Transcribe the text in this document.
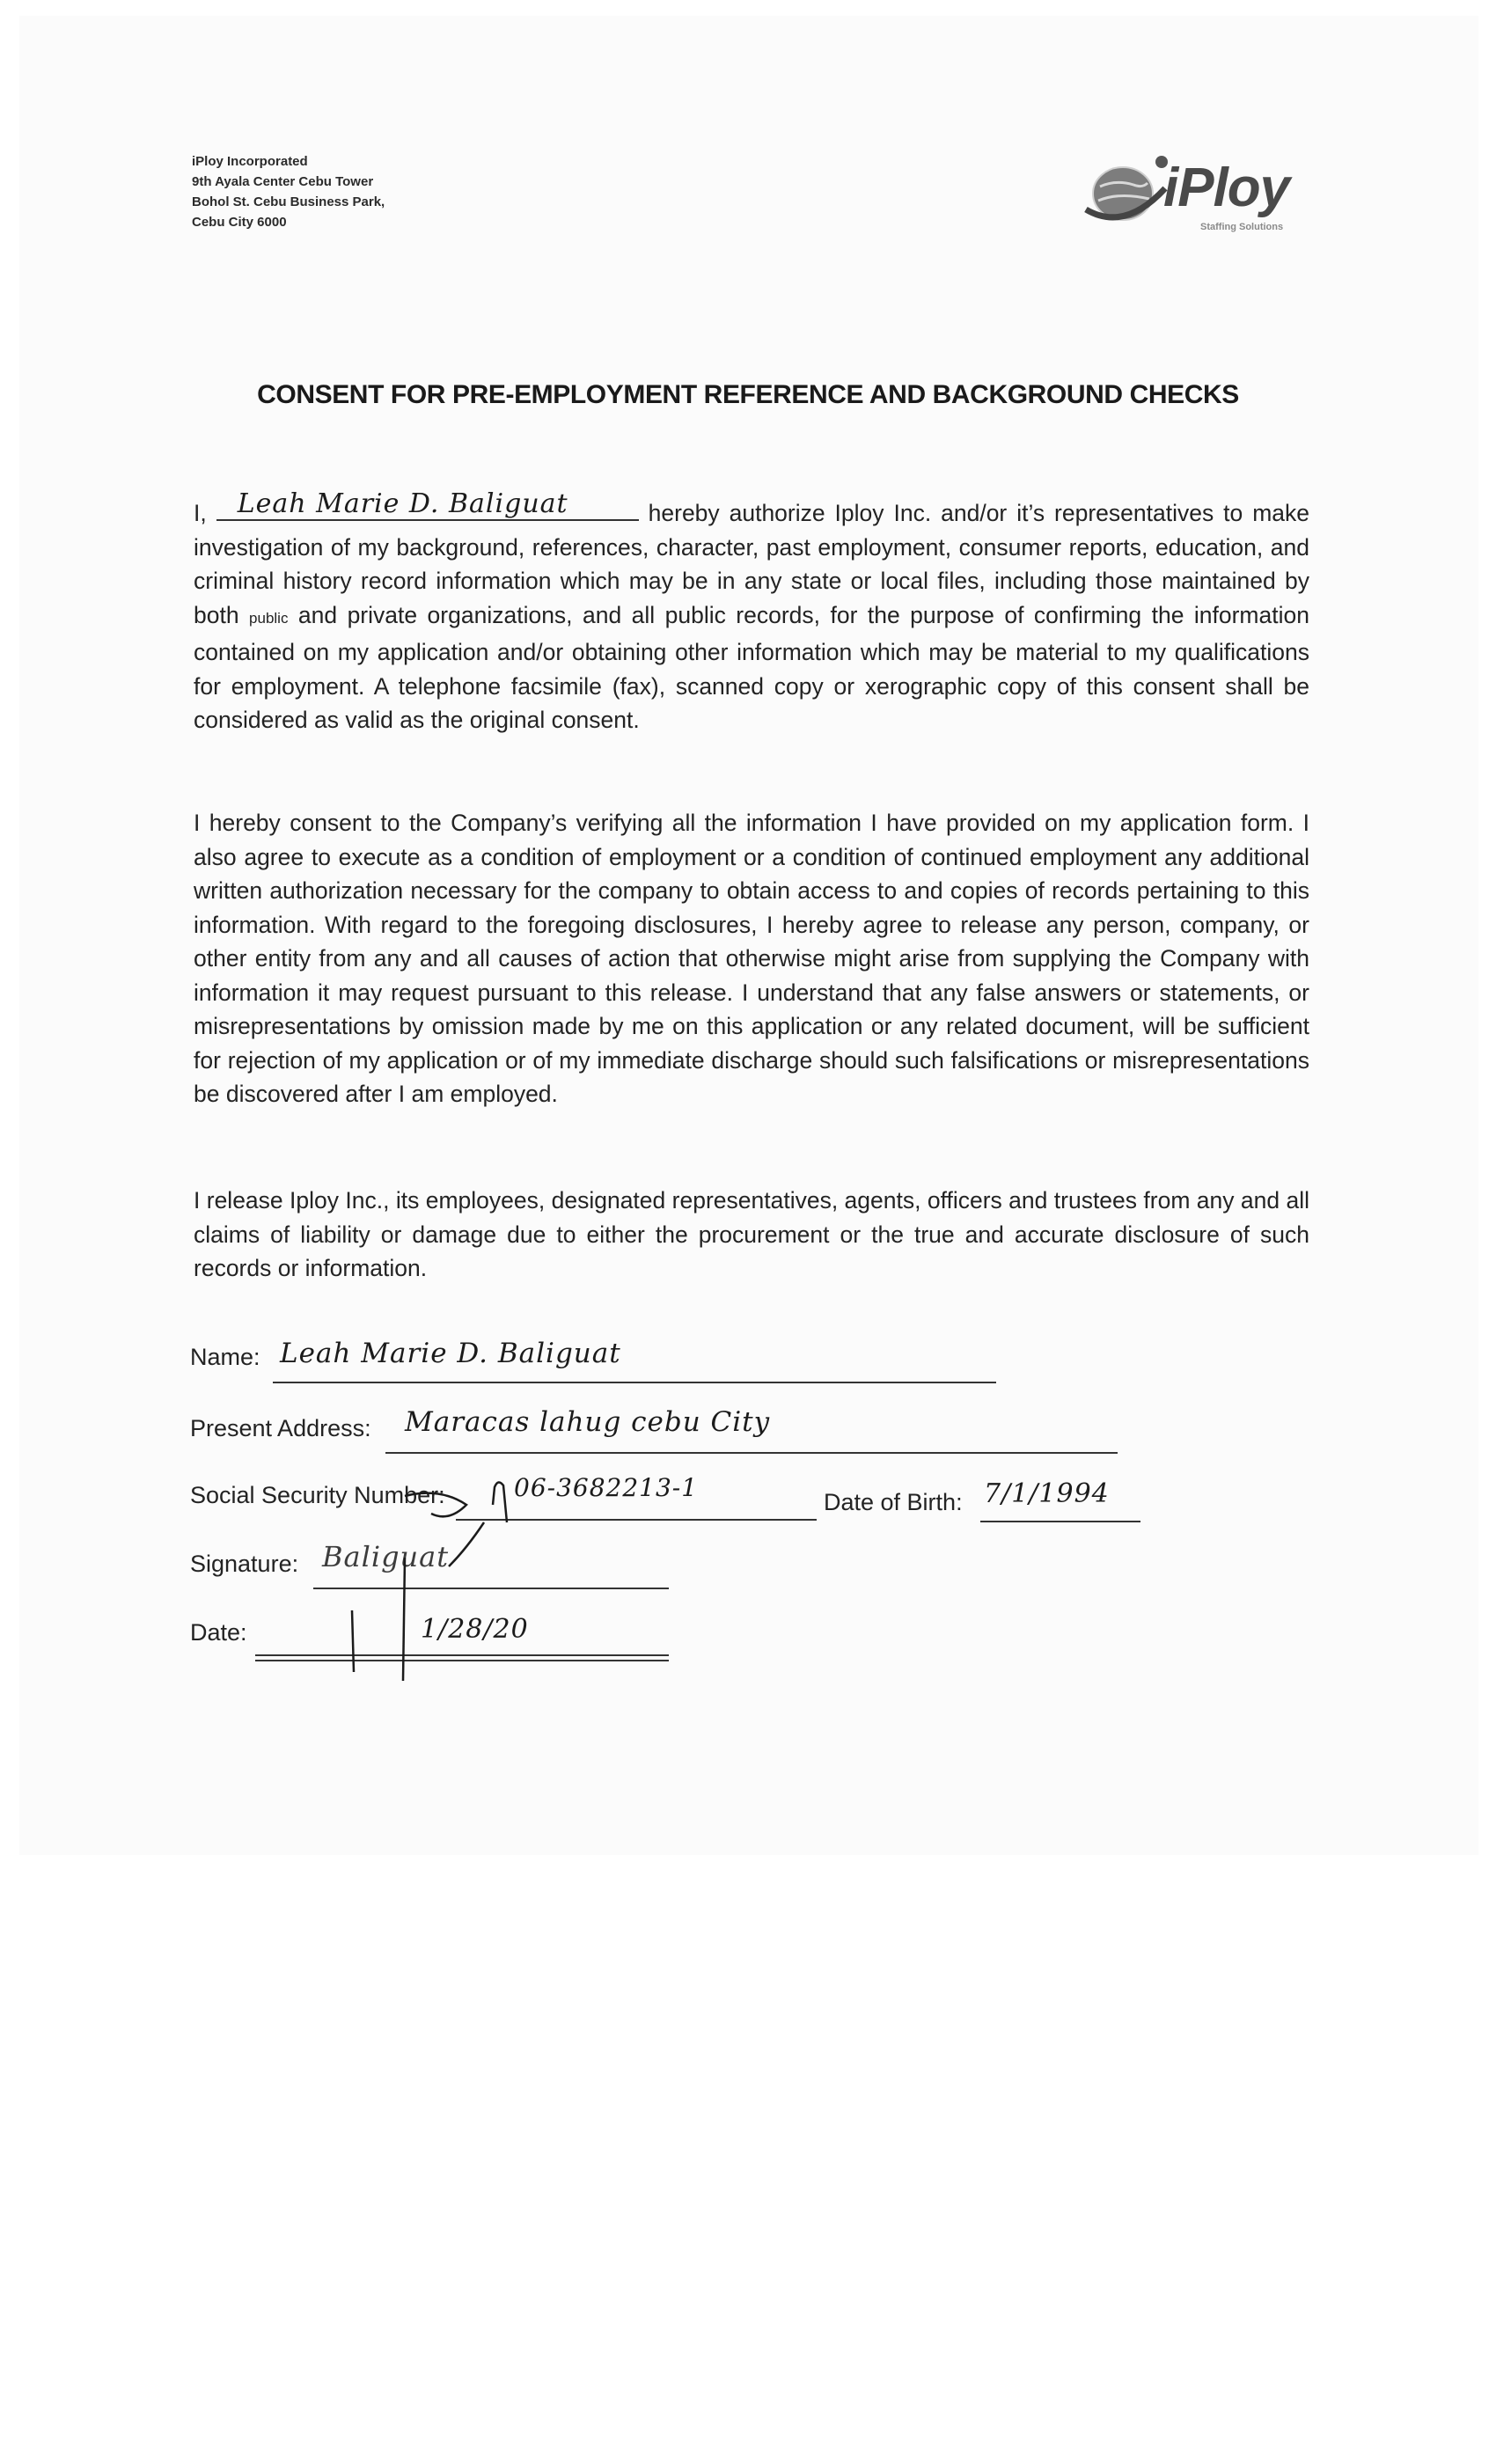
iPloy Incorporated
9th Ayala Center Cebu Tower
Bohol St. Cebu Business Park,
Cebu City 6000
iPloy
Staffing Solutions
CONSENT FOR PRE-EMPLOYMENT REFERENCE AND BACKGROUND CHECKS
I, Leah Marie D. Baliguat	hereby authorize Iploy Inc. and/or it’s representatives to make investigation of my background, references, character, past employment, consumer reports, education, and criminal history record information which may be in any state or local files, including those maintained by both public and private organizations, and all public records, for the purpose of confirming the information contained on my application and/or obtaining other information which may be material to my qualifications for employment. A telephone facsimile (fax), scanned copy or xerographic copy of this consent shall be considered as valid as the original consent.
I hereby consent to the Company’s verifying all the information I have provided on my application form. I also agree to execute as a condition of employment or a condition of continued employment any additional written authorization necessary for the company to obtain access to and copies of records pertaining to this information. With regard to the foregoing disclosures, I hereby agree to release any person, company, or other entity from any and all causes of action that otherwise might arise from supplying the Company with information it may request pursuant to this release. I understand that any false answers or statements, or misrepresentations by omission made by me on this application or any related document, will be sufficient for rejection of my application or of my immediate discharge should such falsifications or misrepresentations be discovered after I am employed.
I release Iploy Inc., its employees, designated representatives, agents, officers and trustees from any and all claims of liability or damage due to either the procurement or the true and accurate disclosure of such records or information.
Name: Leah Marie D. Baliguat
Present Address: Maracas lahug cebu City
Social Security Number:	06-3682213-1	Date of Birth: 7/1/1994
Signature: Baliguat
Date:	1/28/20
